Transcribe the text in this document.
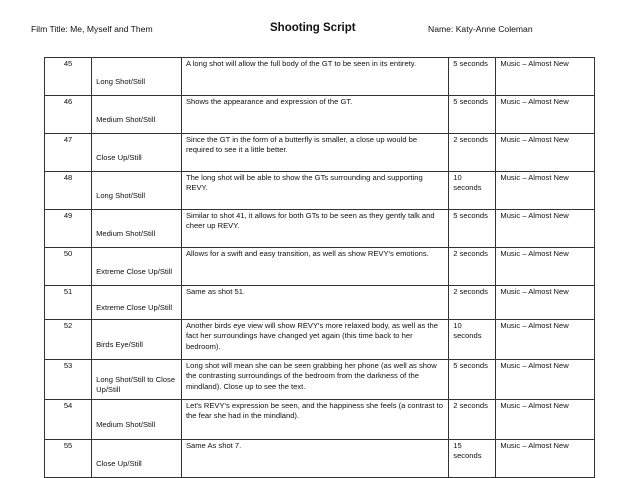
Film Title: Me, Myself and Them	Shooting Script	Name: Katy-Anne Coleman
45	Long Shot/Still	A long shot will allow the full body of the GT to be seen in its entirety.	5 seconds	Music – Almost New
46	Medium Shot/Still	Shows the appearance and expression of the GT.	5 seconds	Music – Almost New
47	Close Up/Still	Since the GT in the form of a butterfly is smaller, a close up would be required to see it a little better.	2 seconds	Music – Almost New
48	Long Shot/Still	The long shot will be able to show the GTs surrounding and supporting REVY.	10 seconds	Music – Almost New
49	Medium Shot/Still	Similar to shot 41, it allows for both GTs to be seen as they gently talk and cheer up REVY.	5 seconds	Music – Almost New
50	Extreme Close Up/Still	Allows for a swift and easy transition, as well as show REVY's emotions.	2 seconds	Music – Almost New
51	Extreme Close Up/Still	Same as shot 51.	2 seconds	Music – Almost New
52	Birds Eye/Still	Another birds eye view will show REVY's more relaxed body, as well as the fact her surroundings have changed yet again (this time back to her bedroom).	10 seconds	Music – Almost New
53	Long Shot/Still to Close Up/Still	Long shot will mean she can be seen grabbing her phone (as well as show the contrasting surroundings of the bedroom from the darkness of the mindland). Close up to see the text.	5 seconds	Music – Almost New
54	Medium Shot/Still	Let's REVY's expression be seen, and the happiness she feels (a contrast to the fear she had in the mindland).	2 seconds	Music – Almost New
55	Close Up/Still	Same As shot 7.	15 seconds	Music – Almost New
